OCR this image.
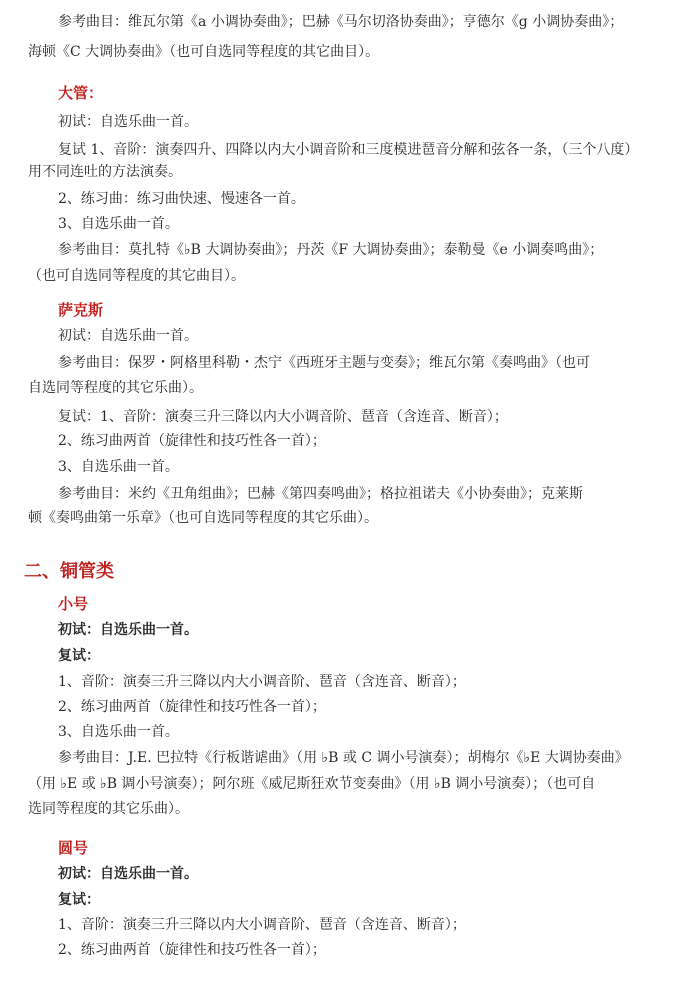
参考曲目：维瓦尔第《a 小调协奏曲》；巴赫《马尔切洛协奏曲》；亨德尔《g 小调协奏曲》；
海顿《C 大调协奏曲》（也可自选同等程度的其它曲目）。
大管：
初试：自选乐曲一首。
复试 1、音阶：演奏四升、四降以内大小调音阶和三度模进琶音分解和弦各一条，（三个八度）
用不同连吐的方法演奏。
2、练习曲：练习曲快速、慢速各一首。
3、自选乐曲一首。
参考曲目：莫扎特《♭B 大调协奏曲》；丹茨《F 大调协奏曲》；泰勒曼《e 小调奏鸣曲》；
（也可自选同等程度的其它曲目）。
萨克斯
初试：自选乐曲一首。
参考曲目：保罗・阿格里科勒・杰宁《西班牙主题与变奏》；维瓦尔第《奏鸣曲》（也可
自选同等程度的其它乐曲）。
复试：1、音阶：演奏三升三降以内大小调音阶、琶音（含连音、断音）；
2、练习曲两首（旋律性和技巧性各一首）；
3、自选乐曲一首。
参考曲目：米约《丑角组曲》；巴赫《第四奏鸣曲》；格拉祖诺夫《小协奏曲》；克莱斯
顿《奏鸣曲第一乐章》（也可自选同等程度的其它乐曲）。
二、铜管类
小号
初试：自选乐曲一首。
复试：
1、音阶：演奏三升三降以内大小调音阶、琶音（含连音、断音）；
2、练习曲两首（旋律性和技巧性各一首）；
3、自选乐曲一首。
参考曲目：J.E. 巴拉特《行板谐谑曲》（用 ♭B 或 C 调小号演奏）；胡梅尔《♭E 大调协奏曲》
（用 ♭E 或 ♭B 调小号演奏）；阿尔班《威尼斯狂欢节变奏曲》（用 ♭B 调小号演奏）；（也可自
选同等程度的其它乐曲）。
圆号
初试：自选乐曲一首。
复试：
1、音阶：演奏三升三降以内大小调音阶、琶音（含连音、断音）；
2、练习曲两首（旋律性和技巧性各一首）；
